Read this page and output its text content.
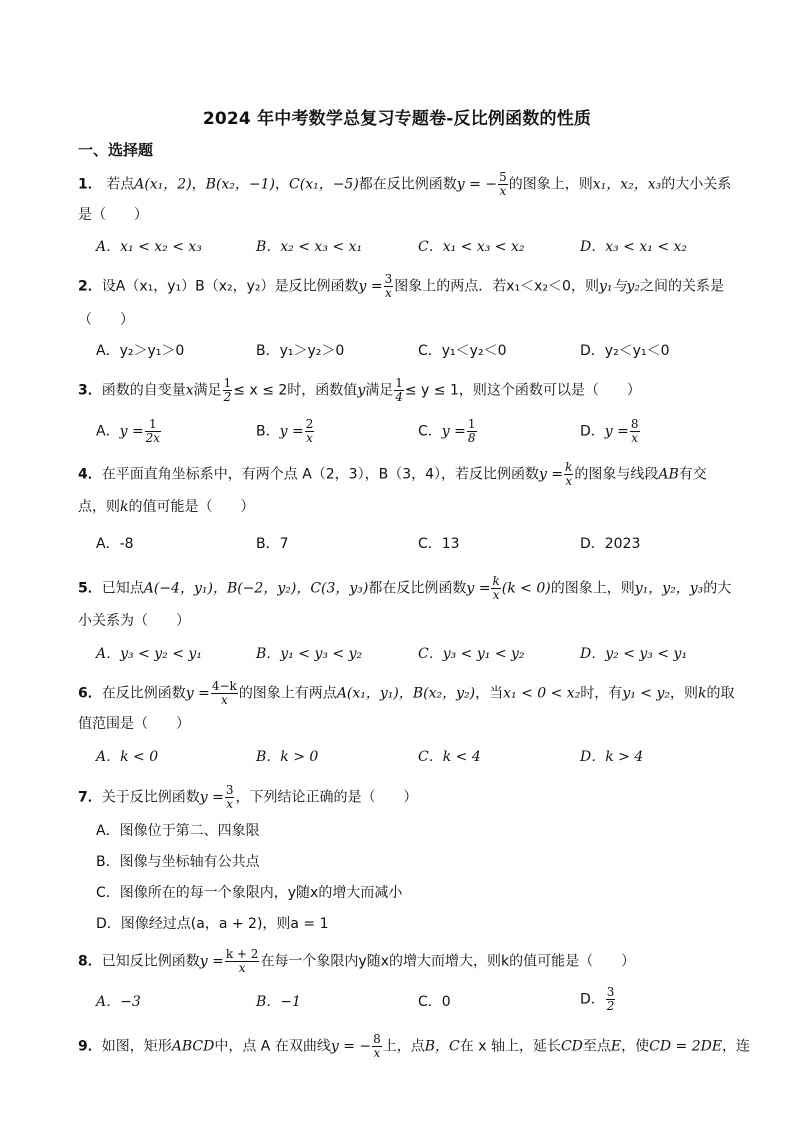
2024 年中考数学总复习专题卷-反比例函数的性质
一、选择题
1． 若点A(x₁，2)，B(x₂，−1)，C(x₁，−5)都在反比例函数y = − $\frac{5}{x}$ 的图象上，则x₁，x₂，x₃的大小关系
是（　　）
A．x₁ < x₂ < x₃	B．x₂ < x₃ < x₁	C．x₁ < x₃ < x₂	D．x₃ < x₁ < x₂
2．设A（x₁，y₁）B（x₂，y₂）是反比例函数$y = \frac{3}{x}$ 图象上的两点．若x₁＜x₂＜0，则y₁与y₂之间的关系是
（　　）
A．y₂＞y₁＞0	B．y₁＞y₂＞0	C．y₁＜y₂＜0	D．y₂＜y₁＜0
3．函数的自变量x满足 $\frac{1}{2} \le x \le 2$时，函数值y满足 $\frac{1}{4} \le y \le 1$，则这个函数可以是（　　）
A．$y = \frac{1}{2x}$	B．$y = \frac{2}{x}$	C．$y = \frac{1}{8}$	D．$y = \frac{8}{x}$
4．在平面直角坐标系中，有两个点 A（2，3），B（3，4），若反比例函数$y = \frac{k}{x}$ 的图象与线段AB有交
点，则k的值可能是（　　）
A．-8	B．7	C．13	D．2023
5．已知点A(−4，y₁)，B(−2，y₂)，C(3，y₃)都在反比例函数$y = \frac{k}{x} (k < 0)$的图象上，则y₁，y₂，y₃的大
小关系为（　　）
A．y₃ < y₂ < y₁	B．y₁ < y₃ < y₂	C．y₃ < y₁ < y₂	D．y₂ < y₃ < y₁
6．在反比例函数$y = \frac{4-k}{x}$ 的图象上有两点A(x₁，y₁)，B(x₂，y₂)，当x₁ < 0 < x₂时，有y₁ < y₂，则k的取
值范围是（　　）
A．k < 0	B．k > 0	C．k < 4	D．k > 4
7．关于反比例函数$y = \frac{3}{x}$ ，下列结论正确的是（　　）
A．图像位于第二、四象限
B．图像与坐标轴有公共点
C．图像所在的每一个象限内，y随x的增大而减小
D．图像经过点(a，a + 2)，则a = 1
8．已知反比例函数$y = \frac{k + 2}{x}$ 在每一个象限内y随x的增大而增大，则k的值可能是（　　）
A．−3	B．−1	C．0	D． $\frac{3}{2}$
9．如图，矩形ABCD中，点 A 在双曲线y = − $\frac{8}{x}$ 上，点B，C在 x 轴上，延长CD至点E，使CD = 2DE，连
